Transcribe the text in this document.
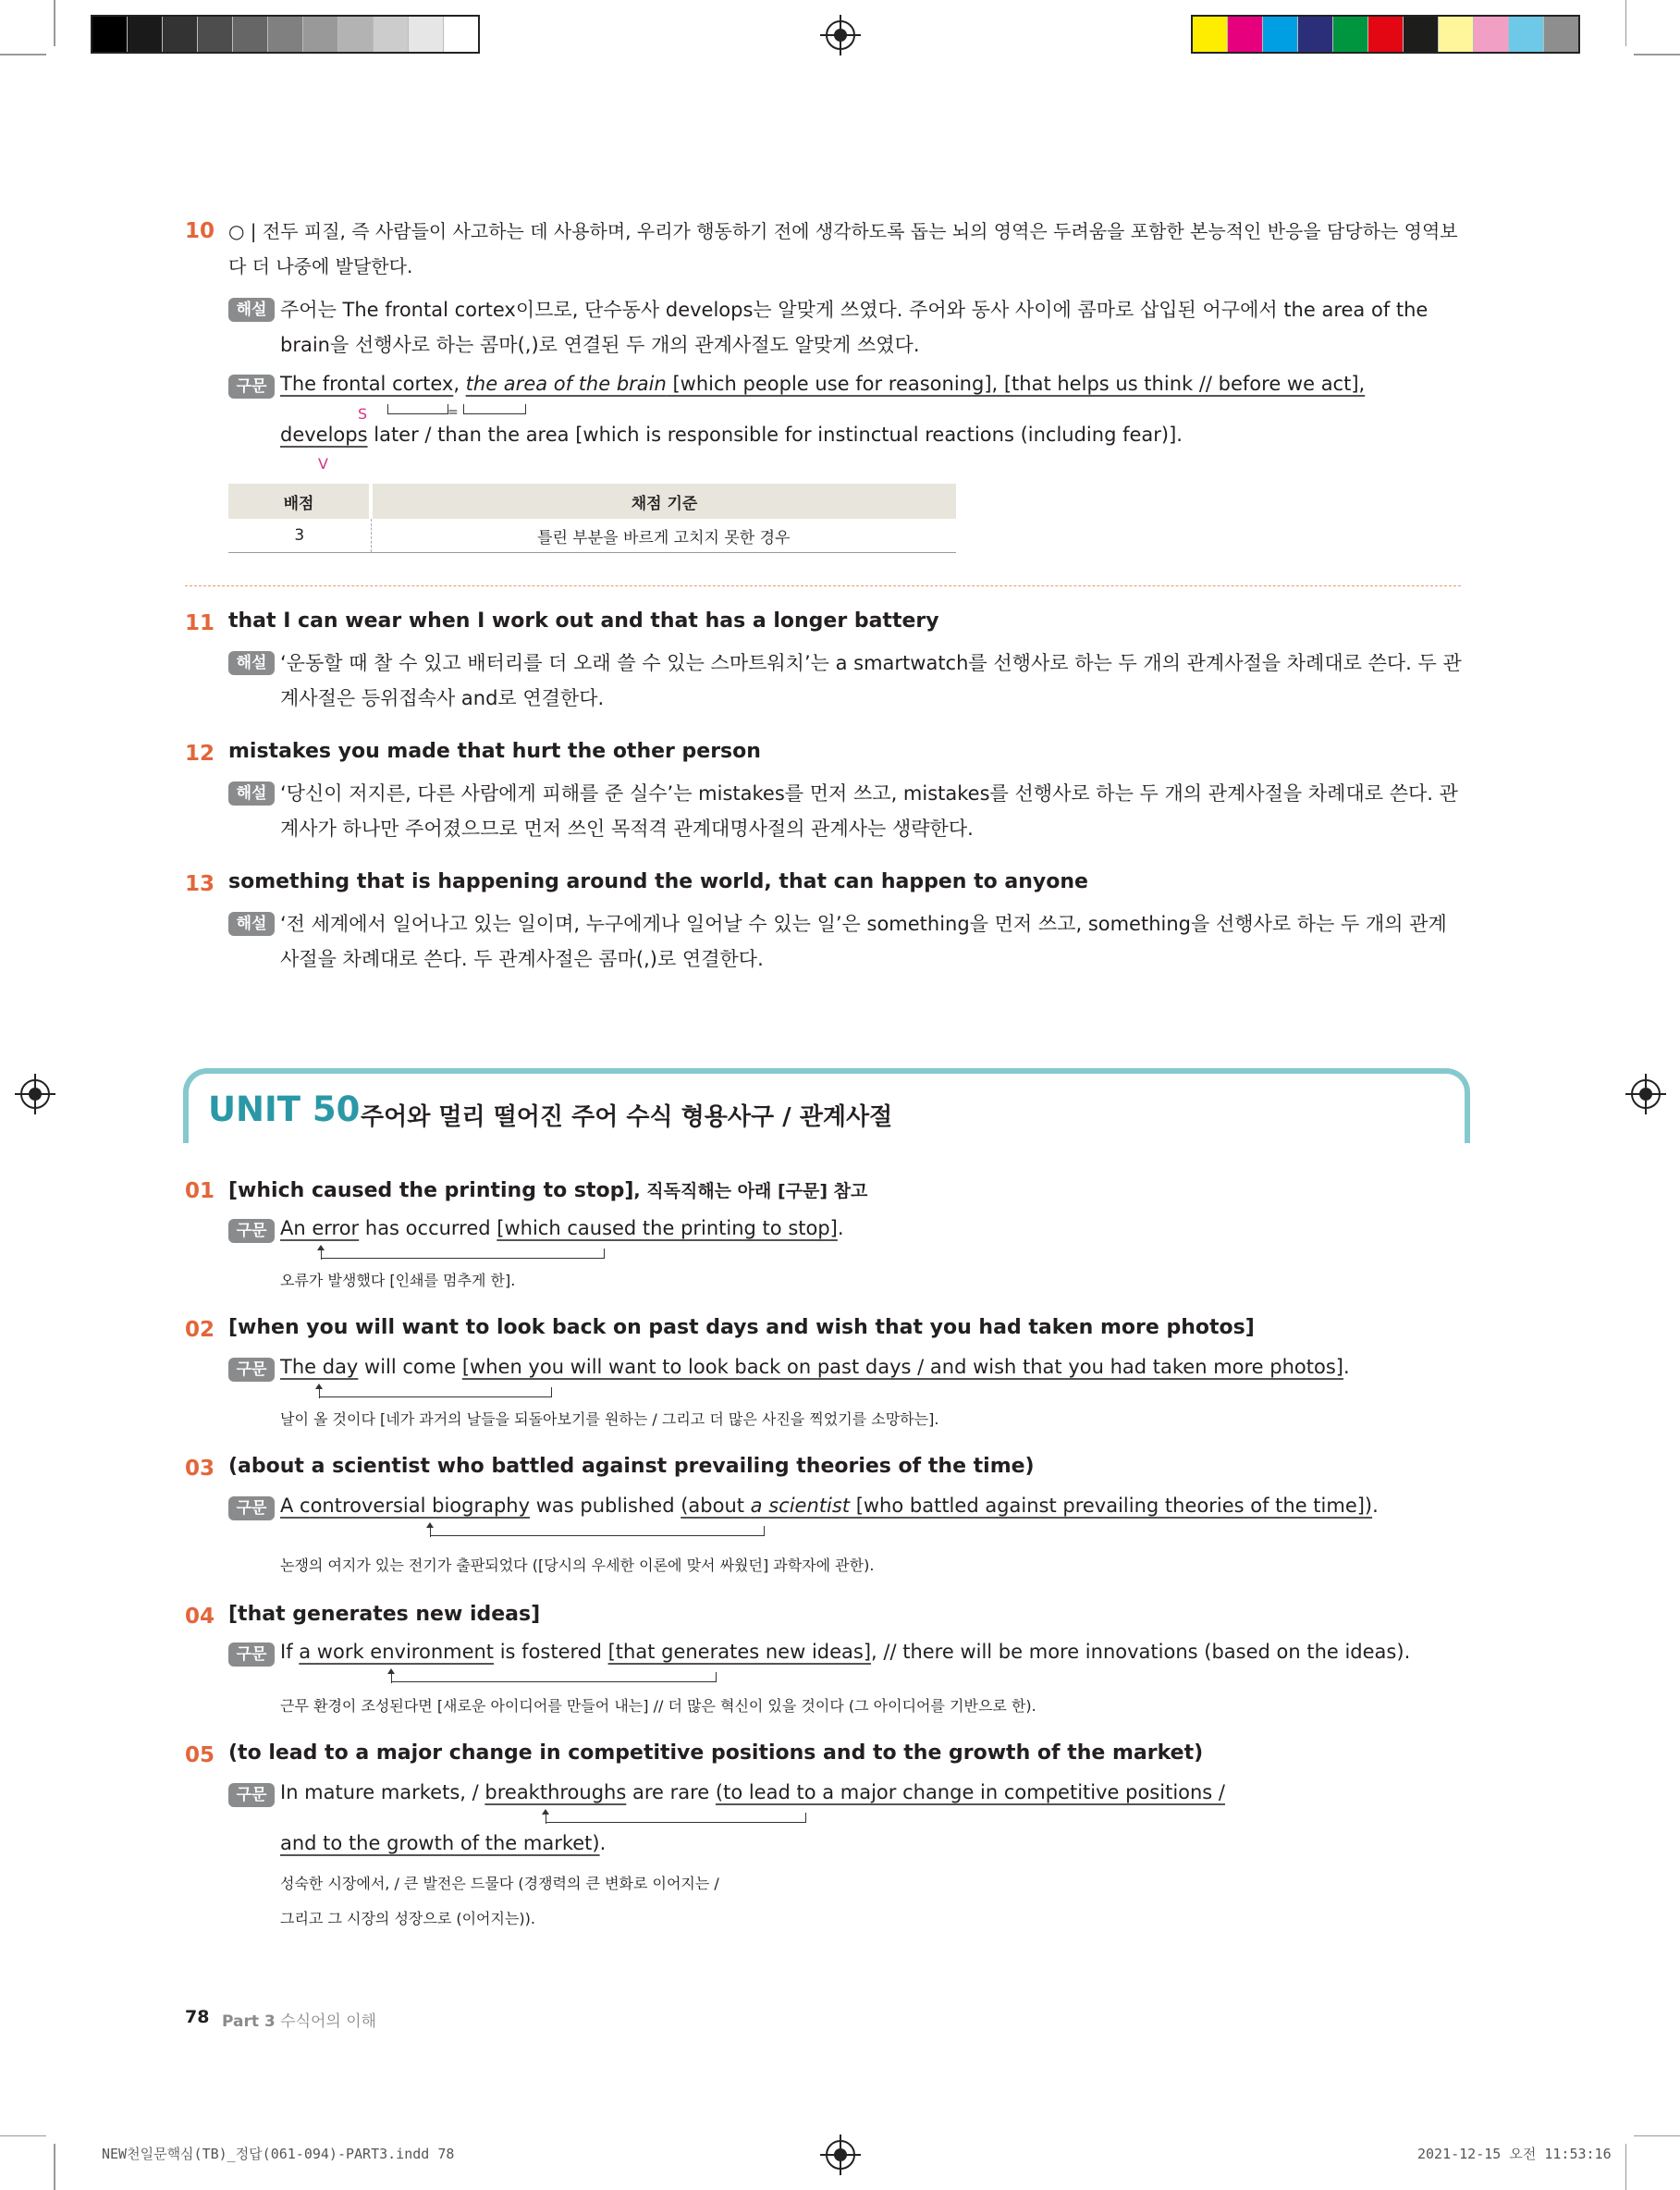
10 ○ | 전두 피질, 즉 사람들이 사고하는 데 사용하며, 우리가 행동하기 전에 생각하도록 돕는 뇌의 영역은 두려움을 포함한 본능적인 반응을 담당하는 영역보
다 더 나중에 발달한다.
해설 주어는 The frontal cortex이므로, 단수동사 develops는 알맞게 쓰였다. 주어와 동사 사이에 콤마로 삽입된 어구에서 the area of the brain을 선행사로 하는 콤마(,)로 연결된 두 개의 관계사절도 알맞게 쓰였다.
구문 The frontal cortex, the area of the brain [which people use for reasoning], [that helps us think // before we act],
S	=
develops later / than the area [which is responsible for instinctual reactions (including fear)].
V
배점	채점 기준
3	틀린 부분을 바르게 고치지 못한 경우
11 that I can wear when I work out and that has a longer battery
해설 ‘운동할 때 찰 수 있고 배터리를 더 오래 쓸 수 있는 스마트워치’는 a smartwatch를 선행사로 하는 두 개의 관계사절을 차례대로 쓴다. 두 관계사절은 등위접속사 and로 연결한다.
12 mistakes you made that hurt the other person
해설 ‘당신이 저지른, 다른 사람에게 피해를 준 실수’는 mistakes를 먼저 쓰고, mistakes를 선행사로 하는 두 개의 관계사절을 차례대로 쓴다. 관계사가 하나만 주어졌으므로 먼저 쓰인 목적격 관계대명사절의 관계사는 생략한다.
13 something that is happening around the world, that can happen to anyone
해설 ‘전 세계에서 일어나고 있는 일이며, 누구에게나 일어날 수 있는 일’은 something을 먼저 쓰고, something을 선행사로 하는 두 개의 관계사절을 차례대로 쓴다. 두 관계사절은 콤마(,)로 연결한다.
UNIT 50 주어와 멀리 떨어진 주어 수식 형용사구 / 관계사절
01 [which caused the printing to stop], 직독직해는 아래 [구문] 참고
구문 An error has occurred [which caused the printing to stop].
오류가 발생했다 [인쇄를 멈추게 한].
02 [when you will want to look back on past days and wish that you had taken more photos]
구문 The day will come [when you will want to look back on past days / and wish that you had taken more photos].
날이 올 것이다 [네가 과거의 날들을 되돌아보기를 원하는 / 그리고 더 많은 사진을 찍었기를 소망하는].
03 (about a scientist who battled against prevailing theories of the time)
구문 A controversial biography was published (about a scientist [who battled against prevailing theories of the time]).
논쟁의 여지가 있는 전기가 출판되었다 ([당시의 우세한 이론에 맞서 싸웠던] 과학자에 관한).
04 [that generates new ideas]
구문 If a work environment is fostered [that generates new ideas], // there will be more innovations (based on the ideas).
근무 환경이 조성된다면 [새로운 아이디어를 만들어 내는] // 더 많은 혁신이 있을 것이다 (그 아이디어를 기반으로 한).
05 (to lead to a major change in competitive positions and to the growth of the market)
구문 In mature markets, / breakthroughs are rare (to lead to a major change in competitive positions /
and to the growth of the market).
성숙한 시장에서, / 큰 발전은 드물다 (경쟁력의 큰 변화로 이어지는 /
그리고 그 시장의 성장으로 (이어지는)).
78 Part 3 수식어의 이해
NEW천일문핵심(TB)_정답(061-094)-PART3.indd 78	2021-12-15 오전 11:53:16
